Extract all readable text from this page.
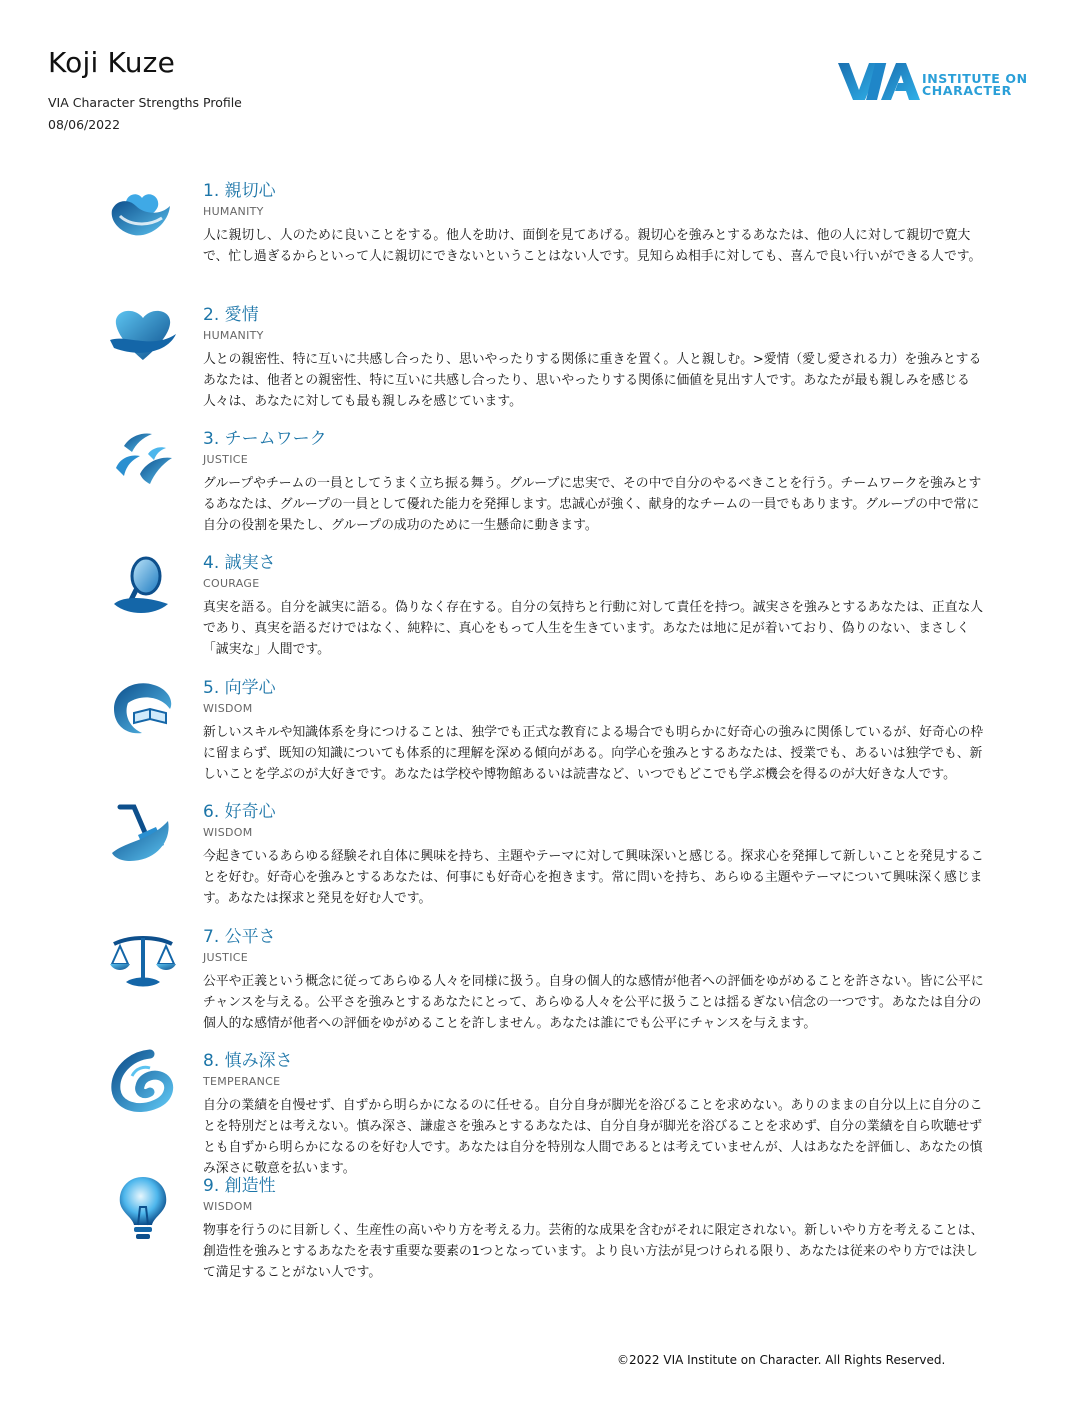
Koji Kuze
VIA Character Strengths Profile
08/06/2022
INSTITUTE ON
CHARACTER
1. 親切心
HUMANITY
人に親切し、人のために良いことをする。他人を助け、面倒を見てあげる。親切心を強みとするあなたは、他の人に対して親切で寛大で、忙し過ぎるからといって人に親切にできないということはない人です。見知らぬ相手に対しても、喜んで良い行いができる人です。
2. 愛情
HUMANITY
人との親密性、特に互いに共感し合ったり、思いやったりする関係に重きを置く。人と親しむ。>愛情（愛し愛される力）を強みとするあなたは、他者との親密性、特に互いに共感し合ったり、思いやったりする関係に価値を見出す人です。あなたが最も親しみを感じる人々は、あなたに対しても最も親しみを感じています。
3. チームワーク
JUSTICE
グループやチームの一員としてうまく立ち振る舞う。グループに忠実で、その中で自分のやるべきことを行う。チームワークを強みとするあなたは、グループの一員として優れた能力を発揮します。忠誠心が強く、献身的なチームの一員でもあります。グループの中で常に自分の役割を果たし、グループの成功のために一生懸命に動きます。
4. 誠実さ
COURAGE
真実を語る。自分を誠実に語る。偽りなく存在する。自分の気持ちと行動に対して責任を持つ。誠実さを強みとするあなたは、正直な人であり、真実を語るだけではなく、純粋に、真心をもって人生を生きています。あなたは地に足が着いており、偽りのない、まさしく「誠実な」人間です。
5. 向学心
WISDOM
新しいスキルや知識体系を身につけることは、独学でも正式な教育による場合でも明らかに好奇心の強みに関係しているが、好奇心の枠に留まらず、既知の知識についても体系的に理解を深める傾向がある。向学心を強みとするあなたは、授業でも、あるいは独学でも、新しいことを学ぶのが大好きです。あなたは学校や博物館あるいは読書など、いつでもどこでも学ぶ機会を得るのが大好きな人です。
6. 好奇心
WISDOM
今起きているあらゆる経験それ自体に興味を持ち、主題やテーマに対して興味深いと感じる。探求心を発揮して新しいことを発見することを好む。好奇心を強みとするあなたは、何事にも好奇心を抱きます。常に問いを持ち、あらゆる主題やテーマについて興味深く感じます。あなたは探求と発見を好む人です。
7. 公平さ
JUSTICE
公平や正義という概念に従ってあらゆる人々を同様に扱う。自身の個人的な感情が他者への評価をゆがめることを許さない。皆に公平にチャンスを与える。公平さを強みとするあなたにとって、あらゆる人々を公平に扱うことは揺るぎない信念の一つです。あなたは自分の個人的な感情が他者への評価をゆがめることを許しません。あなたは誰にでも公平にチャンスを与えます。
8. 慎み深さ
TEMPERANCE
自分の業績を自慢せず、自ずから明らかになるのに任せる。自分自身が脚光を浴びることを求めない。ありのままの自分以上に自分のことを特別だとは考えない。慎み深さ、謙虚さを強みとするあなたは、自分自身が脚光を浴びることを求めず、自分の業績を自ら吹聴せずとも自ずから明らかになるのを好む人です。あなたは自分を特別な人間であるとは考えていませんが、人はあなたを評価し、あなたの慎み深さに敬意を払います。
9. 創造性
WISDOM
物事を行うのに目新しく、生産性の高いやり方を考える力。芸術的な成果を含むがそれに限定されない。新しいやり方を考えることは、創造性を強みとするあなたを表す重要な要素の1つとなっています。より良い方法が見つけられる限り、あなたは従来のやり方では決して満足することがない人です。
©2022 VIA Institute on Character. All Rights Reserved.
